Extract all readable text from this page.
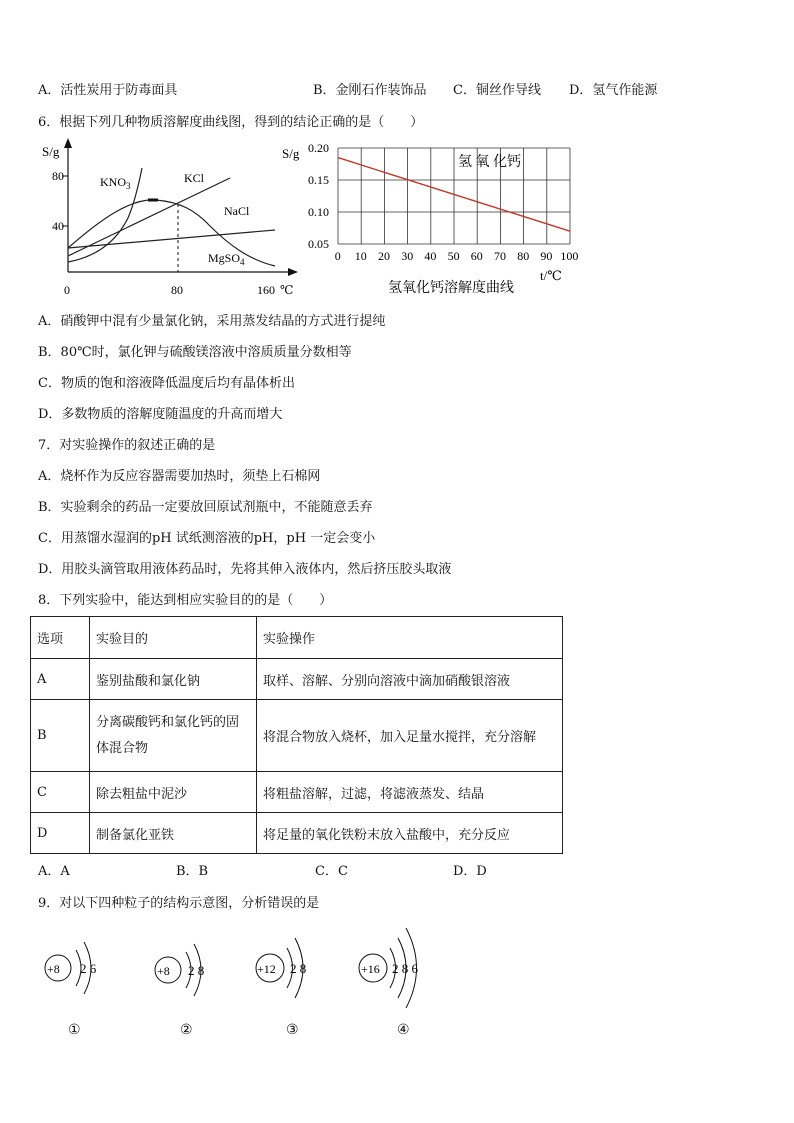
A．活性炭用于防毒面具	B．金刚石作装饰品 C．铜丝作导线 D．氢气作能源
6．根据下列几种物质溶解度曲线图，得到的结论正确的是（　　）
S/g
80
40
0	80	160 ℃
$KNO_3$
KCl
NaCl
MgSO$_4$
S/g
0 10 20 30 40 50 60 70 80 90 100
0.05
0.10
0.15
0.20
氢 氧 化钙
t/℃
氢氧化钙溶解度曲线
A．硝酸钾中混有少量氯化钠，采用蒸发结晶的方式进行提纯
B．80℃时，氯化钾与硫酸镁溶液中溶质质量分数相等
C．物质的饱和溶液降低温度后均有晶体析出
D．多数物质的溶解度随温度的升高而增大
7．对实验操作的叙述正确的是
A．烧杯作为反应容器需要加热时，须垫上石棉网
B．实验剩余的药品一定要放回原试剂瓶中，不能随意丢弃
C．用蒸馏水湿润的pH 试纸测溶液的pH，pH 一定会变小
D．用胶头滴管取用液体药品时，先将其伸入液体内，然后挤压胶头取液
8．下列实验中，能达到相应实验目的的是（　　）
选项	实验目的	实验操作
A	鉴别盐酸和氯化钠	取样、溶解、分别向溶液中滴加硝酸银溶液
B	分离碳酸钙和氯化钙的固体混合物	将混合物放入烧杯，加入足量水搅拌，充分溶解
C	除去粗盐中泥沙	将粗盐溶解，过滤，将滤液蒸发、结晶
D	制备氯化亚铁	将足量的氧化铁粉末放入盐酸中，充分反应
A．A	B．B	C．C	D．D
9．对以下四种粒子的结构示意图，分析错误的是
+8 2 6	+8 2 8	+12 2 8	+16 2 8 6
①	②	③	④
